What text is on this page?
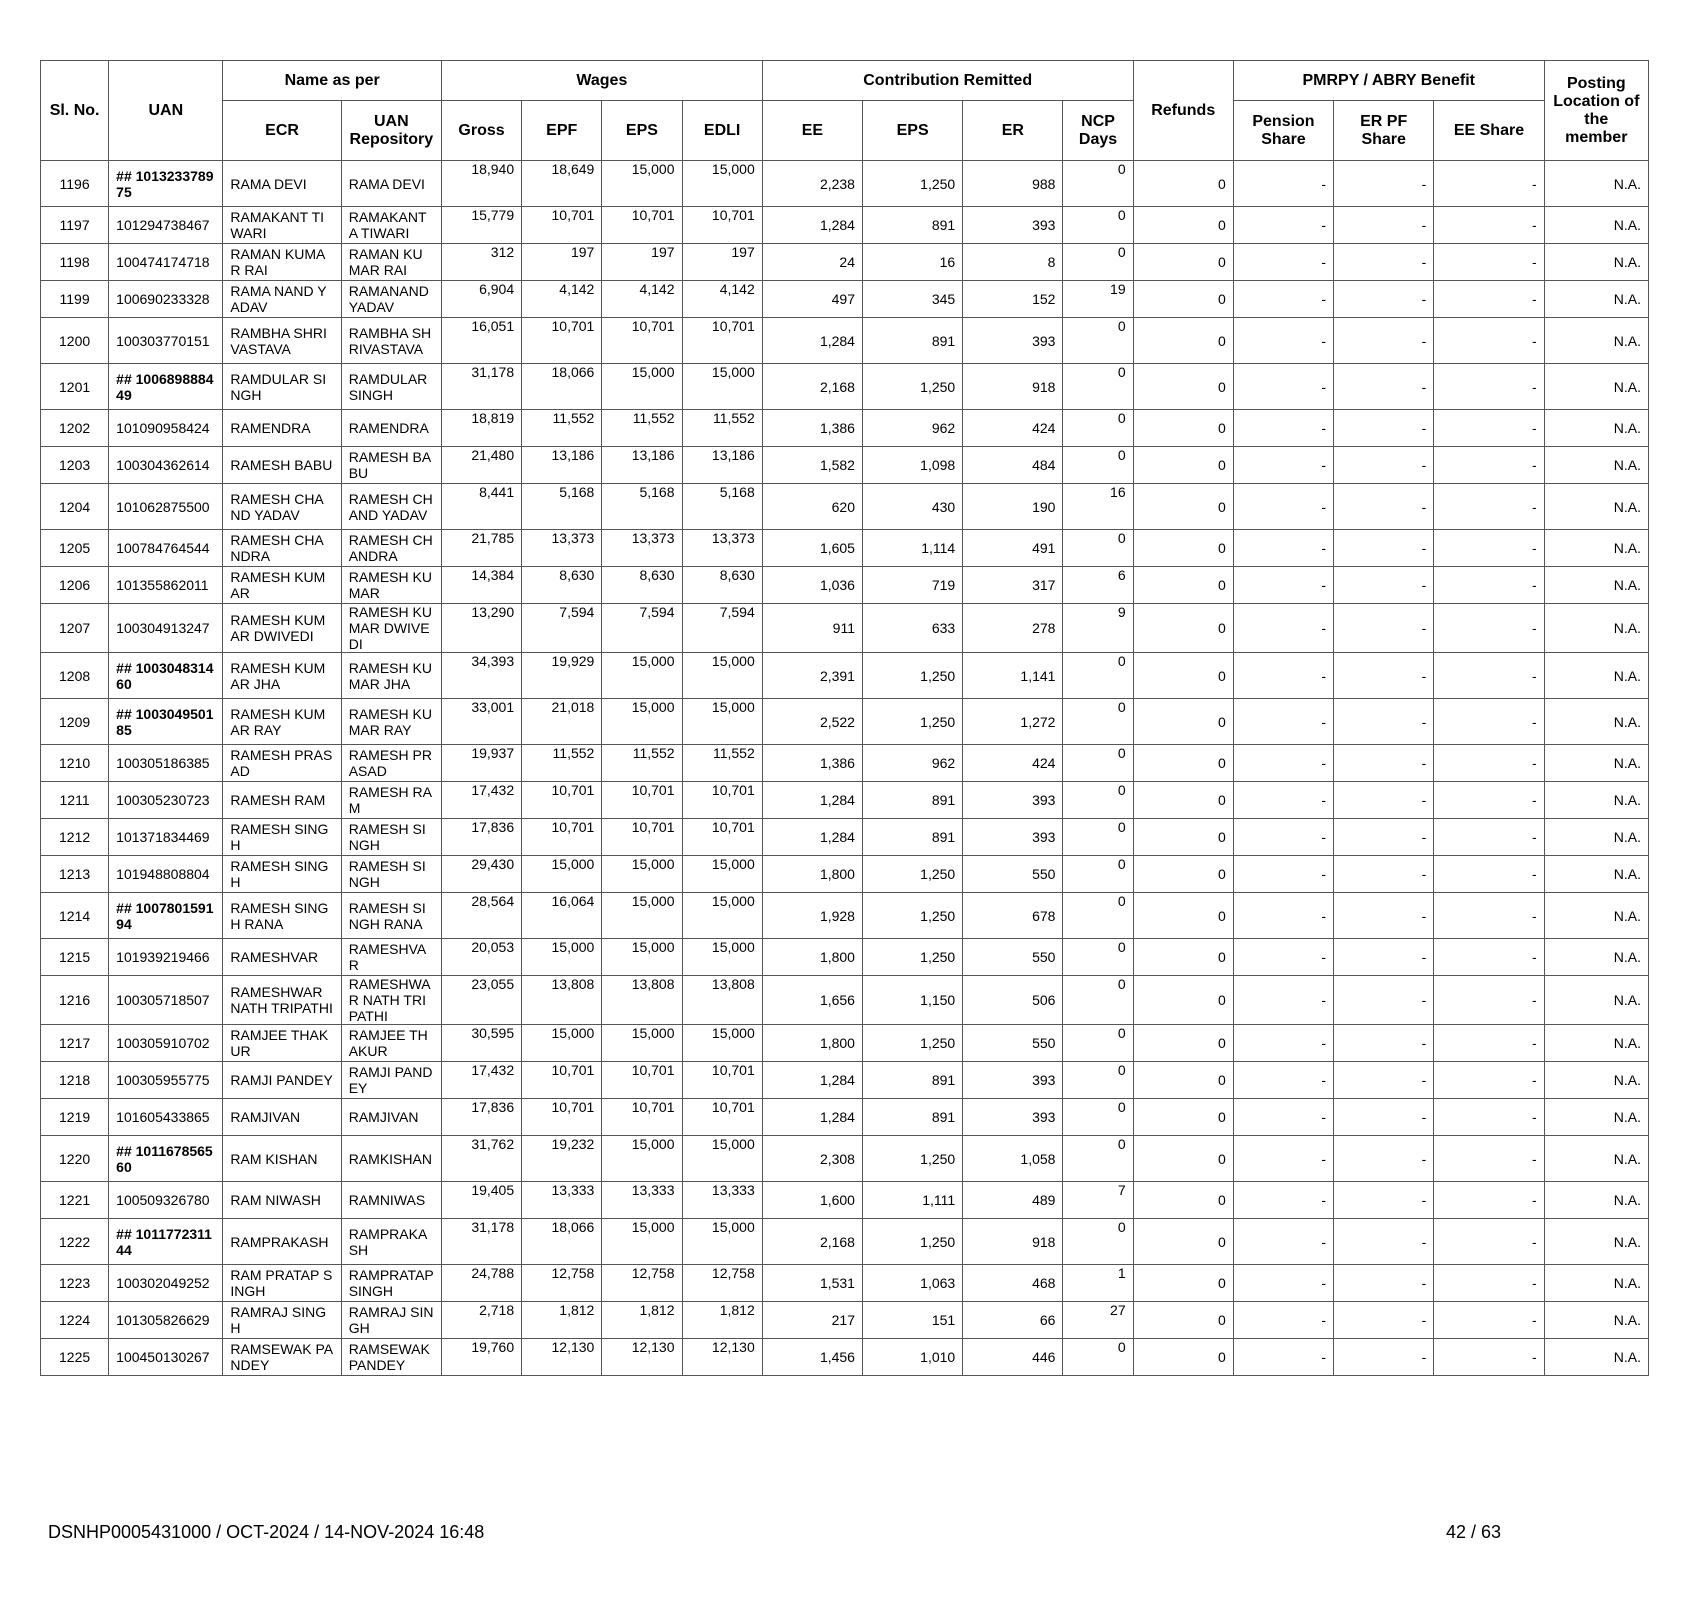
Sl. No.	UAN	Name as per		Wages				Contribution Remitted				Refunds	PMRPY / ABRY Benefit			Posting Location of the member
		ECR	UAN Repository	Gross	EPF	EPS	EDLI	EE	EPS	ER	NCP Days		Pension Share	ER PF Share	EE Share	
1196	## 101323378975	RAMA DEVI	RAMA DEVI	18,940	18,649	15,000	15,000	2,238	1,250	988	0	0	-	-	-	N.A.
1197	101294738467	RAMAKANT TIWARI	RAMAKANTA TIWARI	15,779	10,701	10,701	10,701	1,284	891	393	0	0	-	-	-	N.A.
1198	100474174718	RAMAN KUMAR RAI	RAMAN KUMAR RAI	312	197	197	197	24	16	8	0	0	-	-	-	N.A.
1199	100690233328	RAMA NAND YADAV	RAMANAND YADAV	6,904	4,142	4,142	4,142	497	345	152	19	0	-	-	-	N.A.
1200	100303770151	RAMBHA SHRIVASTAVA	RAMBHA SHRIVASTAVA	16,051	10,701	10,701	10,701	1,284	891	393	0	0	-	-	-	N.A.
1201	## 100689888449	RAMDULAR SINGH	RAMDULAR SINGH	31,178	18,066	15,000	15,000	2,168	1,250	918	0	0	-	-	-	N.A.
1202	101090958424	RAMENDRA	RAMENDRA	18,819	11,552	11,552	11,552	1,386	962	424	0	0	-	-	-	N.A.
1203	100304362614	RAMESH BABU	RAMESH BABU	21,480	13,186	13,186	13,186	1,582	1,098	484	0	0	-	-	-	N.A.
1204	101062875500	RAMESH CHAND YADAV	RAMESH CHAND YADAV	8,441	5,168	5,168	5,168	620	430	190	16	0	-	-	-	N.A.
1205	100784764544	RAMESH CHANDRA	RAMESH CHANDRA	21,785	13,373	13,373	13,373	1,605	1,114	491	0	0	-	-	-	N.A.
1206	101355862011	RAMESH KUMAR	RAMESH KUMAR	14,384	8,630	8,630	8,630	1,036	719	317	6	0	-	-	-	N.A.
1207	100304913247	RAMESH KUMAR DWIVEDI	RAMESH KUMAR DWIVEDI	13,290	7,594	7,594	7,594	911	633	278	9	0	-	-	-	N.A.
1208	## 100304831460	RAMESH KUMAR JHA	RAMESH KUMAR JHA	34,393	19,929	15,000	15,000	2,391	1,250	1,141	0	0	-	-	-	N.A.
1209	## 100304950185	RAMESH KUMAR RAY	RAMESH KUMAR RAY	33,001	21,018	15,000	15,000	2,522	1,250	1,272	0	0	-	-	-	N.A.
1210	100305186385	RAMESH PRASAD	RAMESH PRASAD	19,937	11,552	11,552	11,552	1,386	962	424	0	0	-	-	-	N.A.
1211	100305230723	RAMESH RAM	RAMESH RAM	17,432	10,701	10,701	10,701	1,284	891	393	0	0	-	-	-	N.A.
1212	101371834469	RAMESH SINGH	RAMESH SINGH	17,836	10,701	10,701	10,701	1,284	891	393	0	0	-	-	-	N.A.
1213	101948808804	RAMESH SINGH	RAMESH SINGH	29,430	15,000	15,000	15,000	1,800	1,250	550	0	0	-	-	-	N.A.
1214	## 100780159194	RAMESH SINGH RANA	RAMESH SINGH RANA	28,564	16,064	15,000	15,000	1,928	1,250	678	0	0	-	-	-	N.A.
1215	101939219466	RAMESHVAR	RAMESHVAR	20,053	15,000	15,000	15,000	1,800	1,250	550	0	0	-	-	-	N.A.
1216	100305718507	RAMESHWAR NATH TRIPATHI	RAMESHWAR NATH TRIPATHI	23,055	13,808	13,808	13,808	1,656	1,150	506	0	0	-	-	-	N.A.
1217	100305910702	RAMJEE THAKUR	RAMJEE THAKUR	30,595	15,000	15,000	15,000	1,800	1,250	550	0	0	-	-	-	N.A.
1218	100305955775	RAMJI PANDEY	RAMJI PANDEY	17,432	10,701	10,701	10,701	1,284	891	393	0	0	-	-	-	N.A.
1219	101605433865	RAMJIVAN	RAMJIVAN	17,836	10,701	10,701	10,701	1,284	891	393	0	0	-	-	-	N.A.
1220	## 101167856560	RAM KISHAN	RAMKISHAN	31,762	19,232	15,000	15,000	2,308	1,250	1,058	0	0	-	-	-	N.A.
1221	100509326780	RAM NIWASH	RAMNIWAS	19,405	13,333	13,333	13,333	1,600	1,111	489	7	0	-	-	-	N.A.
1222	## 101177231144	RAMPRAKASH	RAMPRAKASH	31,178	18,066	15,000	15,000	2,168	1,250	918	0	0	-	-	-	N.A.
1223	100302049252	RAM PRATAP SINGH	RAMPRATAP SINGH	24,788	12,758	12,758	12,758	1,531	1,063	468	1	0	-	-	-	N.A.
1224	101305826629	RAMRAJ SINGH	RAMRAJ SINGH	2,718	1,812	1,812	1,812	217	151	66	27	0	-	-	-	N.A.
1225	100450130267	RAMSEWAK PANDEY	RAMSEWAK PANDEY	19,760	12,130	12,130	12,130	1,456	1,010	446	0	0	-	-	-	N.A.
DSNHP0005431000 / OCT-2024 / 14-NOV-2024 16:48	42 / 63
